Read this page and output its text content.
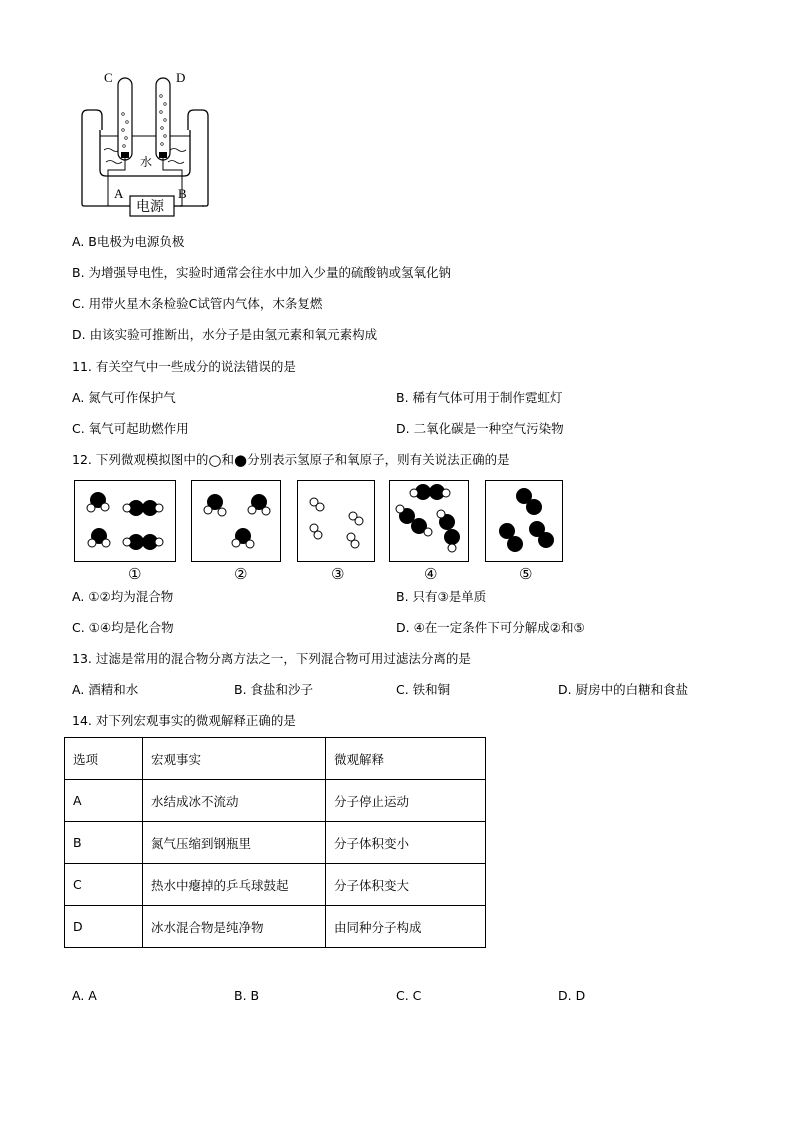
C	D
水
A	B
电源
A. B电极为电源负极
B. 为增强导电性，实验时通常会往水中加入少量的硫酸钠或氢氧化钠
C. 用带火星木条检验C试管内气体，木条复燃
D. 由该实验可推断出，水分子是由氢元素和氧元素构成
11. 有关空气中一些成分的说法错误的是
A. 氮气可作保护气	B. 稀有气体可用于制作霓虹灯
C. 氧气可起助燃作用	D. 二氧化碳是一种空气污染物
12. 下列微观模拟图中的○和●分别表示氢原子和氧原子，则有关说法正确的是
①	②	③	④	⑤
A. ①②均为混合物	B. 只有③是单质
C. ①④均是化合物	D. ④在一定条件下可分解成②和⑤
13. 过滤是常用的混合物分离方法之一，下列混合物可用过滤法分离的是
A. 酒精和水	B. 食盐和沙子	C. 铁和铜	D. 厨房中的白糖和食盐
14. 对下列宏观事实的微观解释正确的是
选项	宏观事实	微观解释
A	水结成冰不流动	分子停止运动
B	氮气压缩到钢瓶里	分子体积变小
C	热水中瘪掉的乒乓球鼓起	分子体积变大
D	冰水混合物是纯净物	由同种分子构成
A. A	B. B	C. C	D. D
